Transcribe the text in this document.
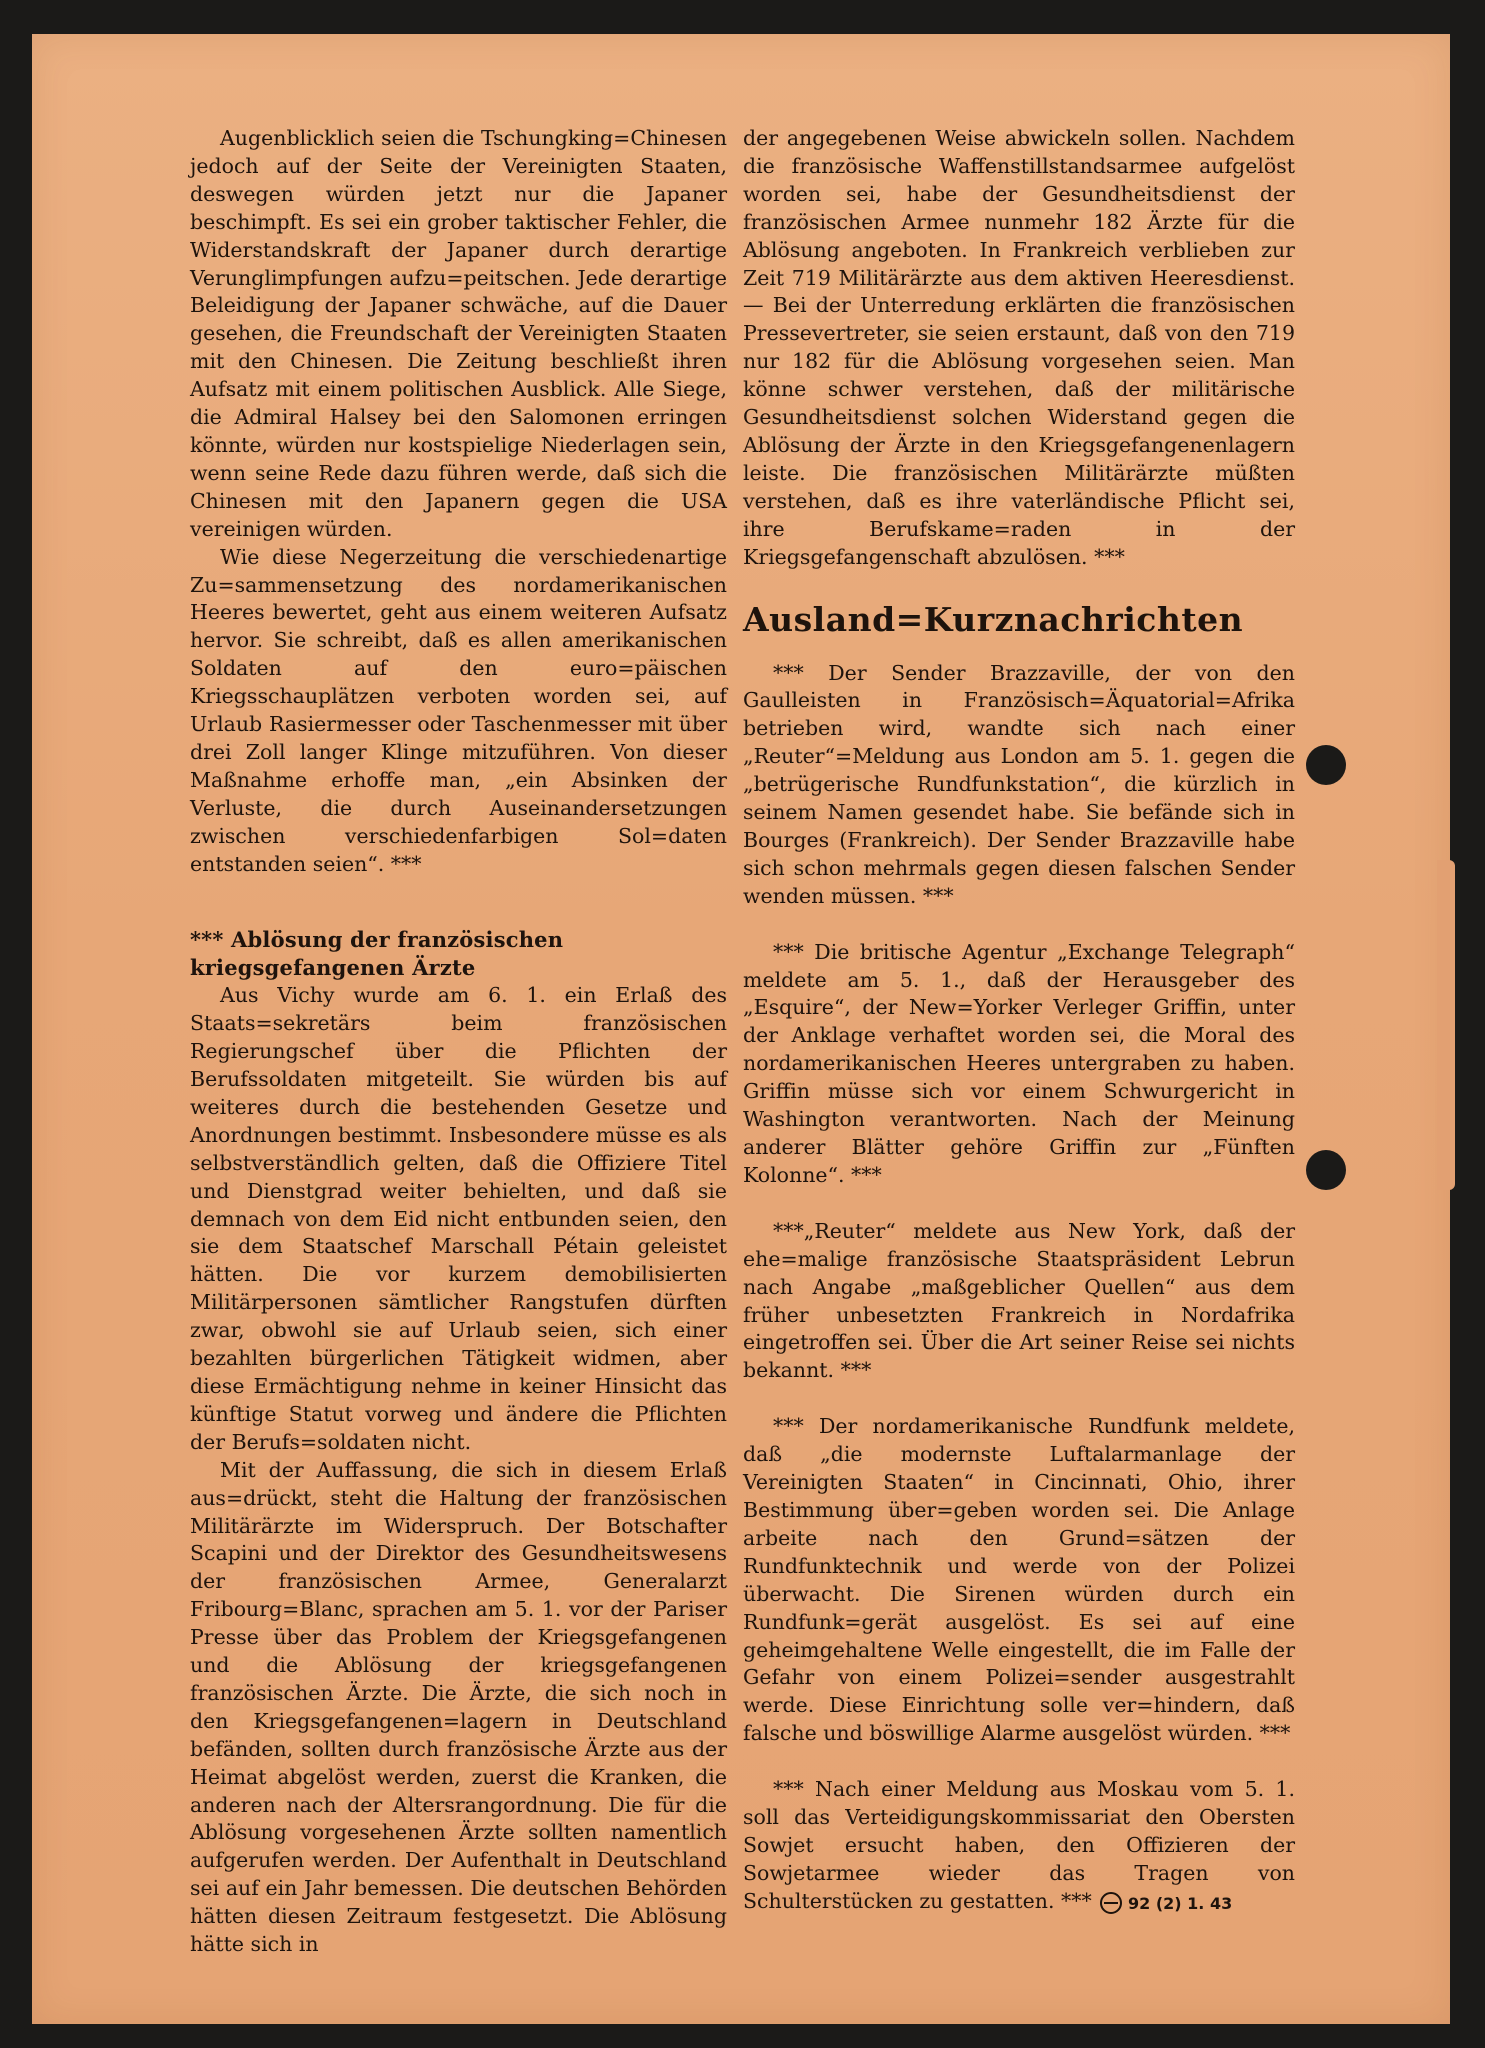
Augenblicklich seien die Tschungking=Chinesen jedoch auf der Seite der Vereinigten Staaten, deswegen würden jetzt nur die Japaner beschimpft. Es sei ein grober taktischer Fehler, die Widerstandskraft der Japaner durch derartige Verunglimpfungen aufzu=peitschen. Jede derartige Beleidigung der Japaner schwäche, auf die Dauer gesehen, die Freundschaft der Vereinigten Staaten mit den Chinesen. Die Zeitung beschließt ihren Aufsatz mit einem politischen Ausblick. Alle Siege, die Admiral Halsey bei den Salomonen erringen könnte, würden nur kostspielige Niederlagen sein, wenn seine Rede dazu führen werde, daß sich die Chinesen mit den Japanern gegen die USA vereinigen würden.

Wie diese Negerzeitung die verschiedenartige Zu=sammensetzung des nordamerikanischen Heeres bewertet, geht aus einem weiteren Aufsatz hervor. Sie schreibt, daß es allen amerikanischen Soldaten auf den euro=päischen Kriegsschauplätzen verboten worden sei, auf Urlaub Rasiermesser oder Taschenmesser mit über drei Zoll langer Klinge mitzuführen. Von dieser Maßnahme erhoffe man, „ein Absinken der Verluste, die durch Auseinandersetzungen zwischen verschiedenfarbigen Sol=daten entstanden seien“. ***

*** Ablösung der französischen kriegsgefangenen Ärzte

Aus Vichy wurde am 6. 1. ein Erlaß des Staats=sekretärs beim französischen Regierungschef über die Pflichten der Berufssoldaten mitgeteilt. Sie würden bis auf weiteres durch die bestehenden Gesetze und Anordnungen bestimmt. Insbesondere müsse es als selbstverständlich gelten, daß die Offiziere Titel und Dienstgrad weiter behielten, und daß sie demnach von dem Eid nicht entbunden seien, den sie dem Staatschef Marschall Pétain geleistet hätten. Die vor kurzem demobilisierten Militärpersonen sämtlicher Rangstufen dürften zwar, obwohl sie auf Urlaub seien, sich einer bezahlten bürgerlichen Tätigkeit widmen, aber diese Ermächtigung nehme in keiner Hinsicht das künftige Statut vorweg und ändere die Pflichten der Berufs=soldaten nicht.

Mit der Auffassung, die sich in diesem Erlaß aus=drückt, steht die Haltung der französischen Militärärzte im Widerspruch. Der Botschafter Scapini und der Direktor des Gesundheitswesens der französischen Armee, Generalarzt Fribourg=Blanc, sprachen am 5. 1. vor der Pariser Presse über das Problem der Kriegsgefangenen und die Ablösung der kriegsgefangenen französischen Ärzte. Die Ärzte, die sich noch in den Kriegsgefangenen=lagern in Deutschland befänden, sollten durch französische Ärzte aus der Heimat abgelöst werden, zuerst die Kranken, die anderen nach der Altersrangordnung. Die für die Ablösung vorgesehenen Ärzte sollten namentlich aufgerufen werden. Der Aufenthalt in Deutschland sei auf ein Jahr bemessen. Die deutschen Behörden hätten diesen Zeitraum festgesetzt. Die Ablösung hätte sich in

der angegebenen Weise abwickeln sollen. Nachdem die französische Waffenstillstandsarmee aufgelöst worden sei, habe der Gesundheitsdienst der französischen Armee nunmehr 182 Ärzte für die Ablösung angeboten. In Frankreich verblieben zur Zeit 719 Militärärzte aus dem aktiven Heeresdienst. — Bei der Unterredung erklärten die französischen Pressevertreter, sie seien erstaunt, daß von den 719 nur 182 für die Ablösung vorgesehen seien. Man könne schwer verstehen, daß der militärische Gesundheitsdienst solchen Widerstand gegen die Ablösung der Ärzte in den Kriegsgefangenenlagern leiste. Die französischen Militärärzte müßten verstehen, daß es ihre vaterländische Pflicht sei, ihre Berufskame=raden in der Kriegsgefangenschaft abzulösen. ***

Ausland=Kurznachrichten

*** Der Sender Brazzaville, der von den Gaulleisten in Französisch=Äquatorial=Afrika betrieben wird, wandte sich nach einer „Reuter“=Meldung aus London am 5. 1. gegen die „betrügerische Rundfunkstation“, die kürzlich in seinem Namen gesendet habe. Sie befände sich in Bourges (Frankreich). Der Sender Brazzaville habe sich schon mehrmals gegen diesen falschen Sender wenden müssen. ***

*** Die britische Agentur „Exchange Telegraph“ meldete am 5. 1., daß der Herausgeber des „Esquire“, der New=Yorker Verleger Griffin, unter der Anklage verhaftet worden sei, die Moral des nordamerikanischen Heeres untergraben zu haben. Griffin müsse sich vor einem Schwurgericht in Washington verantworten. Nach der Meinung anderer Blätter gehöre Griffin zur „Fünften Kolonne“. ***

***„Reuter“ meldete aus New York, daß der ehe=malige französische Staatspräsident Lebrun nach Angabe „maßgeblicher Quellen“ aus dem früher unbesetzten Frankreich in Nordafrika eingetroffen sei. Über die Art seiner Reise sei nichts bekannt. ***

*** Der nordamerikanische Rundfunk meldete, daß „die modernste Luftalarmanlage der Vereinigten Staaten“ in Cincinnati, Ohio, ihrer Bestimmung über=geben worden sei. Die Anlage arbeite nach den Grund=sätzen der Rundfunktechnik und werde von der Polizei überwacht. Die Sirenen würden durch ein Rundfunk=gerät ausgelöst. Es sei auf eine geheimgehaltene Welle eingestellt, die im Falle der Gefahr von einem Polizei=sender ausgestrahlt werde. Diese Einrichtung solle ver=hindern, daß falsche und böswillige Alarme ausgelöst würden. ***

*** Nach einer Meldung aus Moskau vom 5. 1. soll das Verteidigungskommissariat den Obersten Sowjet ersucht haben, den Offizieren der Sowjetarmee wieder das Tragen von Schulterstücken zu gestatten. ***	92 (2) 1. 43
